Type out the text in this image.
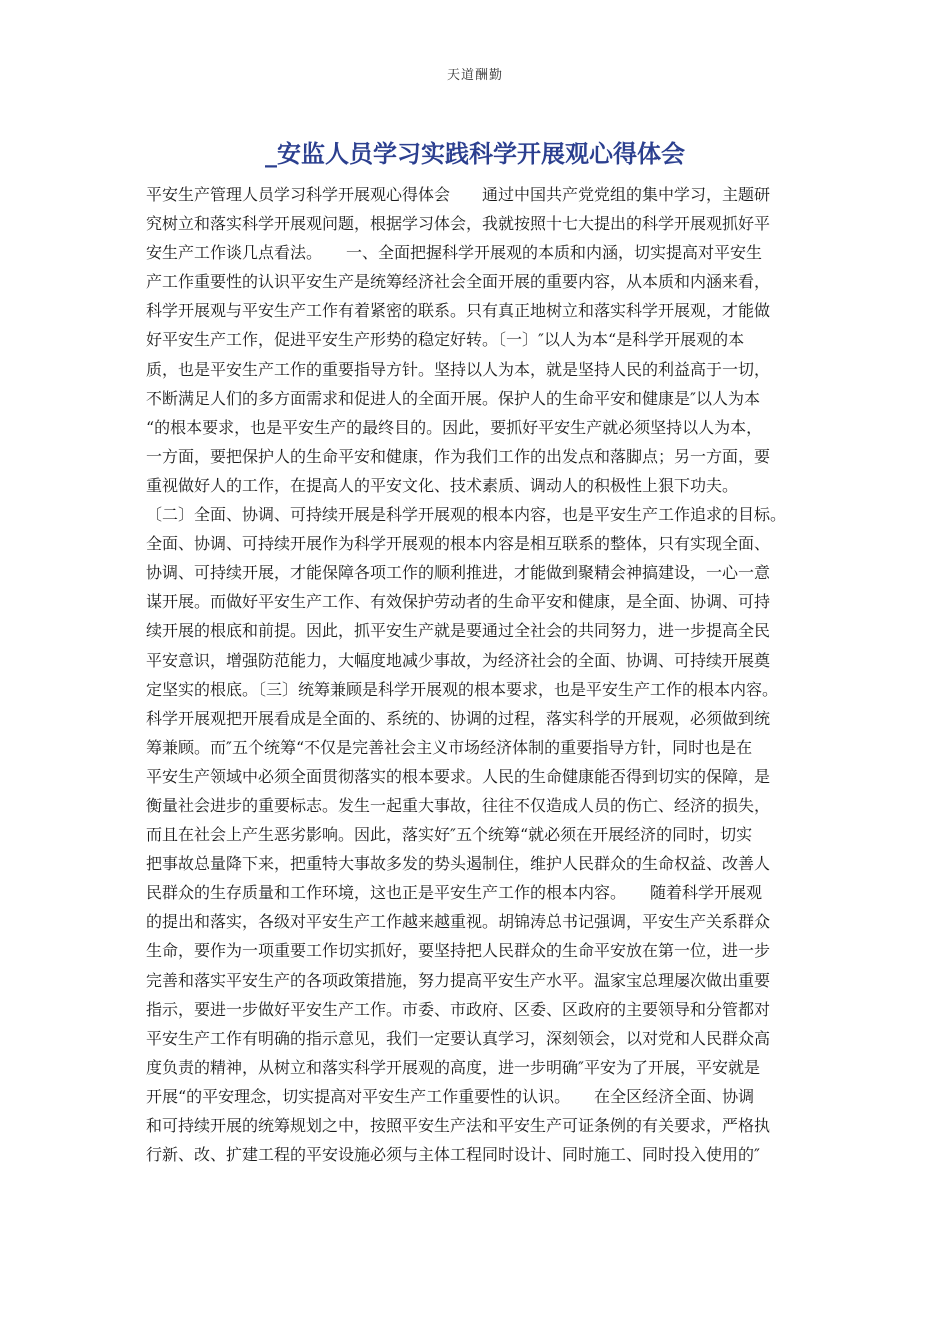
天道酬勤
_安监人员学习实践科学开展观心得体会
平安生产管理人员学习科学开展观心得体会　　通过中国共产党党组的集中学习，主题研
究树立和落实科学开展观问题，根据学习体会，我就按照十七大提出的科学开展观抓好平
安生产工作谈几点看法。　　一、全面把握科学开展观的本质和内涵，切实提高对平安生
产工作重要性的认识平安生产是统筹经济社会全面开展的重要内容，从本质和内涵来看，
科学开展观与平安生产工作有着紧密的联系。只有真正地树立和落实科学开展观，才能做
好平安生产工作，促进平安生产形势的稳定好转。〔一〕″以人为本“是科学开展观的本
质，也是平安生产工作的重要指导方针。坚持以人为本，就是坚持人民的利益高于一切，
不断满足人们的多方面需求和促进人的全面开展。保护人的生命平安和健康是″以人为本
“的根本要求，也是平安生产的最终目的。因此，要抓好平安生产就必须坚持以人为本，
一方面，要把保护人的生命平安和健康，作为我们工作的出发点和落脚点；另一方面，要
重视做好人的工作，在提高人的平安文化、技术素质、调动人的积极性上狠下功夫。
〔二〕全面、协调、可持续开展是科学开展观的根本内容，也是平安生产工作追求的目标。
全面、协调、可持续开展作为科学开展观的根本内容是相互联系的整体，只有实现全面、
协调、可持续开展，才能保障各项工作的顺利推进，才能做到聚精会神搞建设，一心一意
谋开展。而做好平安生产工作、有效保护劳动者的生命平安和健康，是全面、协调、可持
续开展的根底和前提。因此，抓平安生产就是要通过全社会的共同努力，进一步提高全民
平安意识，增强防范能力，大幅度地减少事故，为经济社会的全面、协调、可持续开展奠
定坚实的根底。〔三〕统筹兼顾是科学开展观的根本要求，也是平安生产工作的根本内容。
科学开展观把开展看成是全面的、系统的、协调的过程，落实科学的开展观，必须做到统
筹兼顾。而″五个统筹“不仅是完善社会主义市场经济体制的重要指导方针，同时也是在
平安生产领域中必须全面贯彻落实的根本要求。人民的生命健康能否得到切实的保障，是
衡量社会进步的重要标志。发生一起重大事故，往往不仅造成人员的伤亡、经济的损失，
而且在社会上产生恶劣影响。因此，落实好″五个统筹“就必须在开展经济的同时，切实
把事故总量降下来，把重特大事故多发的势头遏制住，维护人民群众的生命权益、改善人
民群众的生存质量和工作环境，这也正是平安生产工作的根本内容。　　随着科学开展观
的提出和落实，各级对平安生产工作越来越重视。胡锦涛总书记强调，平安生产关系群众
生命，要作为一项重要工作切实抓好，要坚持把人民群众的生命平安放在第一位，进一步
完善和落实平安生产的各项政策措施，努力提高平安生产水平。温家宝总理屡次做出重要
指示，要进一步做好平安生产工作。市委、市政府、区委、区政府的主要领导和分管都对
平安生产工作有明确的指示意见，我们一定要认真学习，深刻领会，以对党和人民群众高
度负责的精神，从树立和落实科学开展观的高度，进一步明确″平安为了开展，平安就是
开展“的平安理念，切实提高对平安生产工作重要性的认识。　　在全区经济全面、协调
和可持续开展的统筹规划之中，按照平安生产法和平安生产可证条例的有关要求，严格执
行新、改、扩建工程的平安设施必须与主体工程同时设计、同时施工、同时投入使用的″
